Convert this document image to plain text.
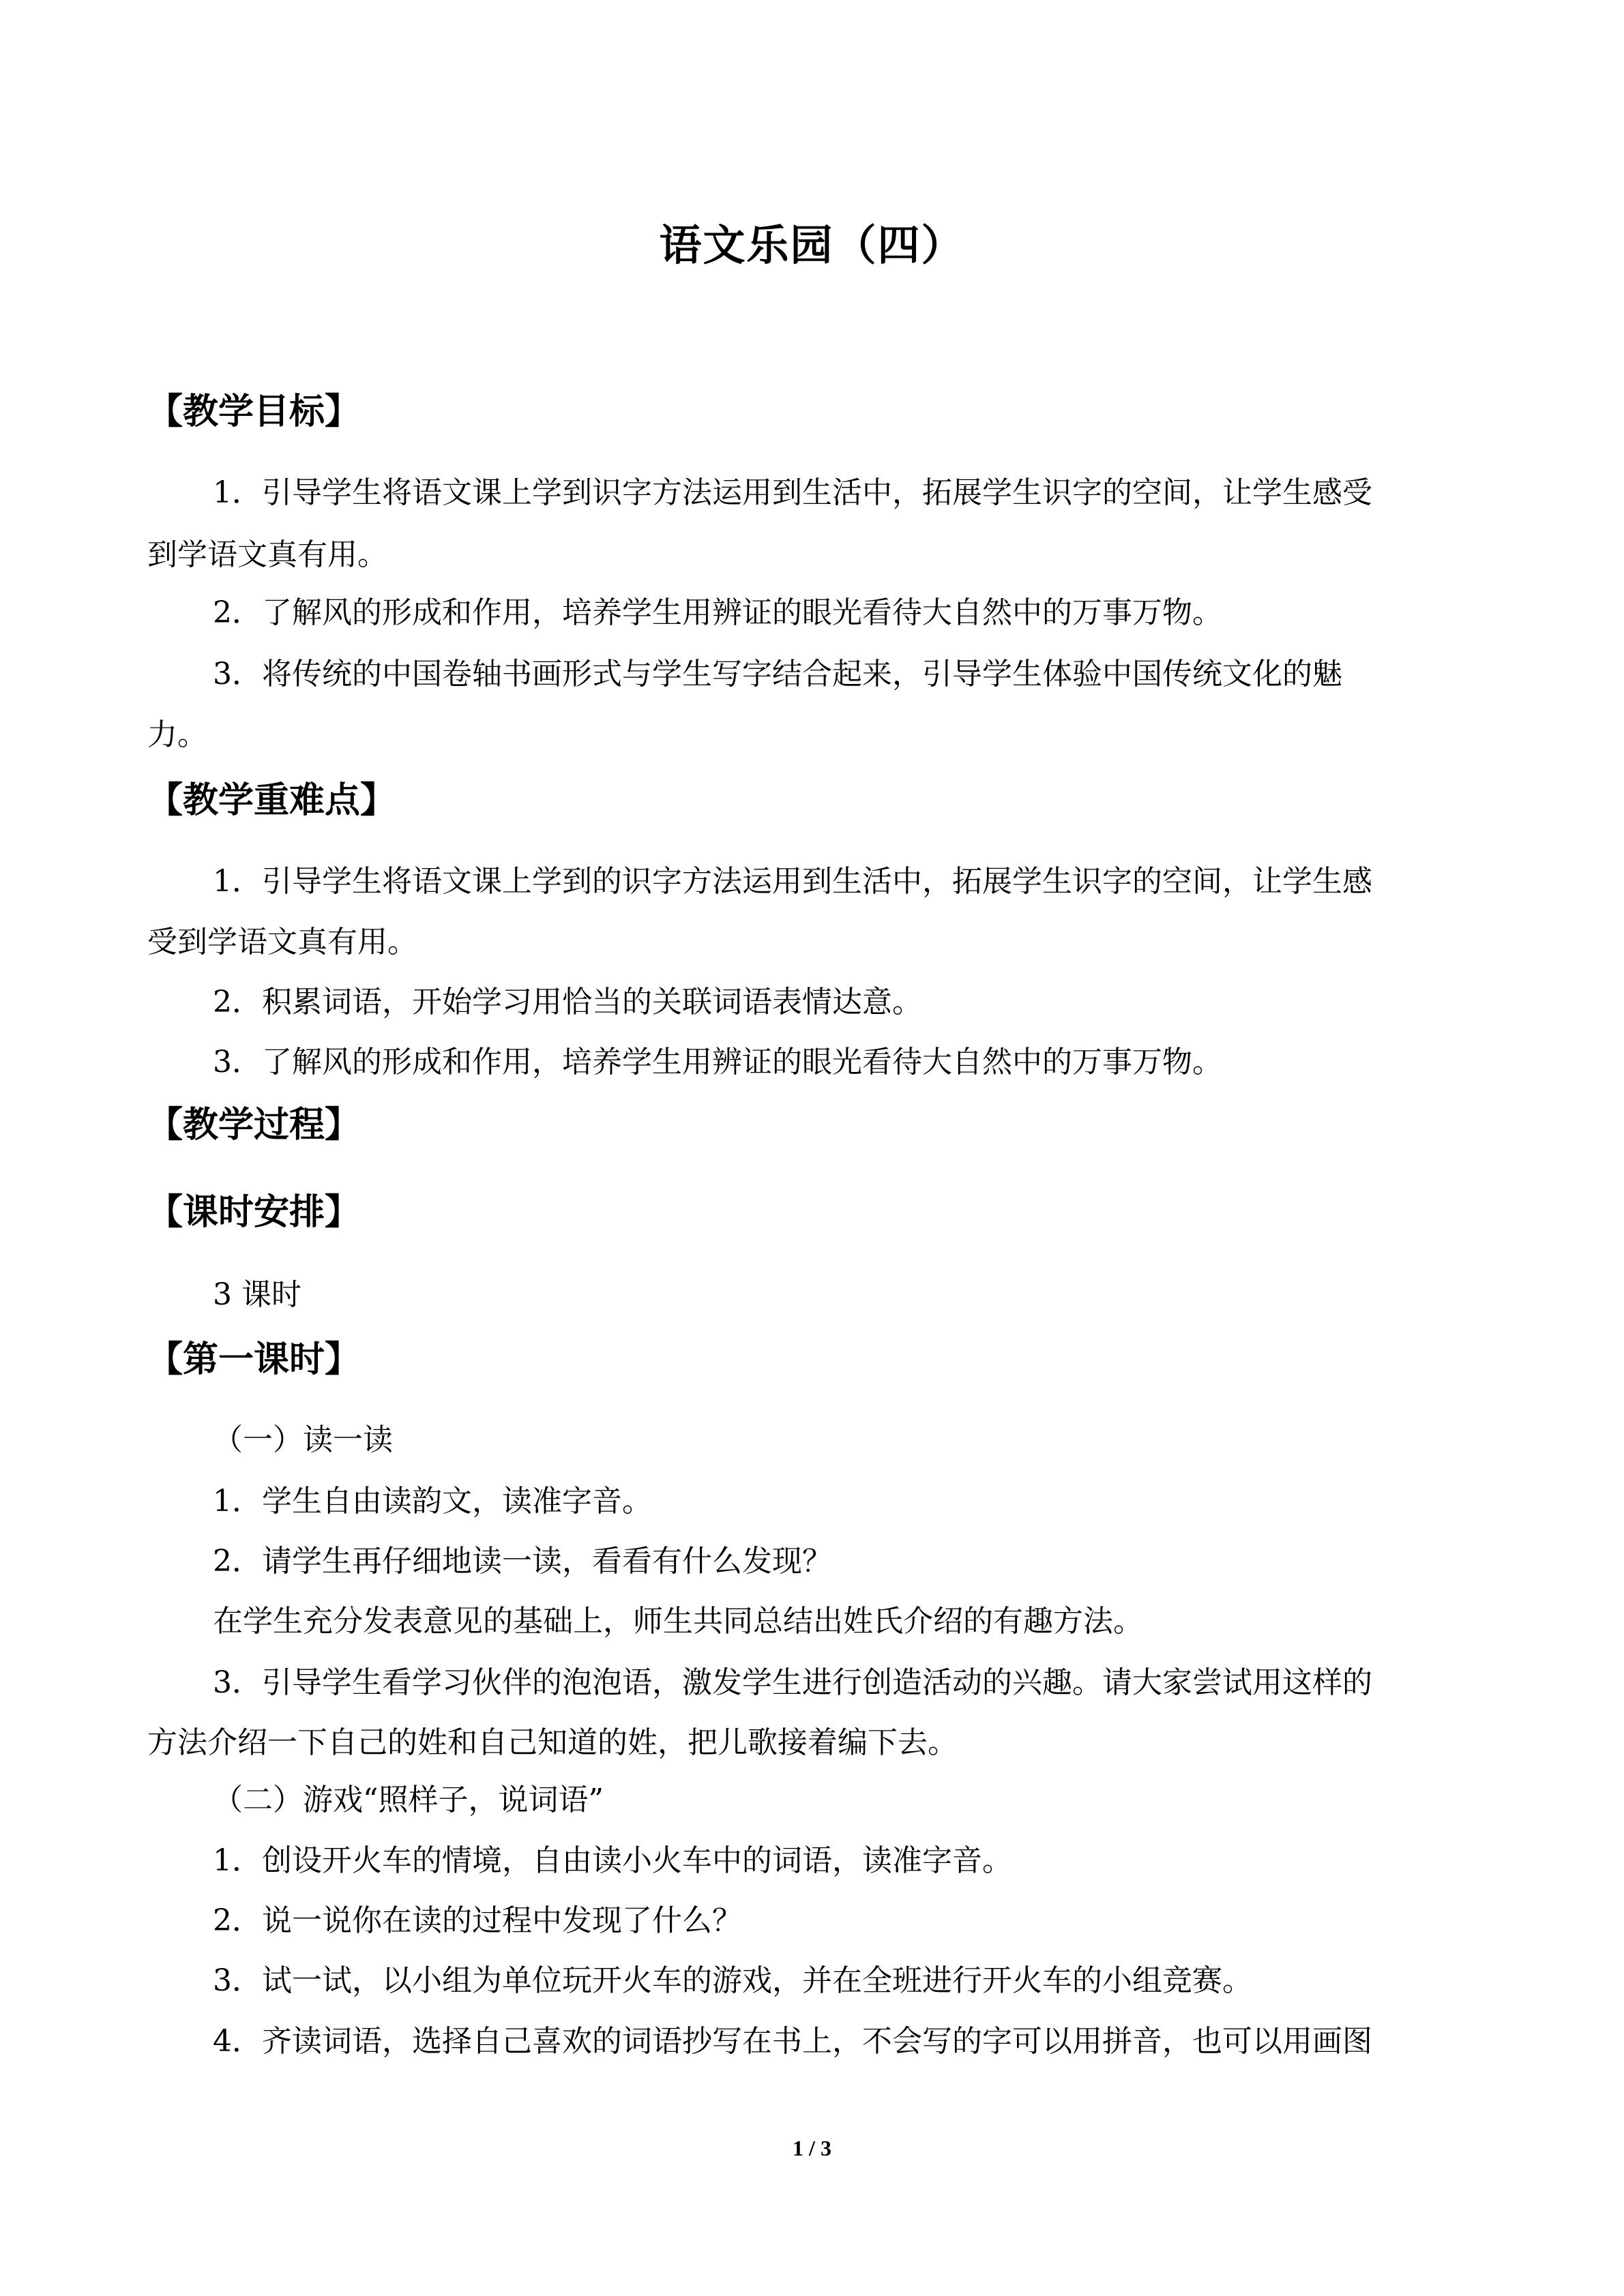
语文乐园（四）
【教学目标】
1．引导学生将语文课上学到识字方法运用到生活中，拓展学生识字的空间，让学生感受
到学语文真有用。
2．了解风的形成和作用，培养学生用辨证的眼光看待大自然中的万事万物。
3．将传统的中国卷轴书画形式与学生写字结合起来，引导学生体验中国传统文化的魅
力。
【教学重难点】
1．引导学生将语文课上学到的识字方法运用到生活中，拓展学生识字的空间，让学生感
受到学语文真有用。
2．积累词语，开始学习用恰当的关联词语表情达意。
3．了解风的形成和作用，培养学生用辨证的眼光看待大自然中的万事万物。
【教学过程】
【课时安排】
3 课时
【第一课时】
（一）读一读
1．学生自由读韵文，读准字音。
2．请学生再仔细地读一读，看看有什么发现？
在学生充分发表意见的基础上，师生共同总结出姓氏介绍的有趣方法。
3．引导学生看学习伙伴的泡泡语，激发学生进行创造活动的兴趣。请大家尝试用这样的
方法介绍一下自己的姓和自己知道的姓，把儿歌接着编下去。
（二）游戏“照样子，说词语”
1．创设开火车的情境，自由读小火车中的词语，读准字音。
2．说一说你在读的过程中发现了什么？
3．试一试，以小组为单位玩开火车的游戏，并在全班进行开火车的小组竞赛。
4．齐读词语，选择自己喜欢的词语抄写在书上，不会写的字可以用拼音，也可以用画图
1 / 3
